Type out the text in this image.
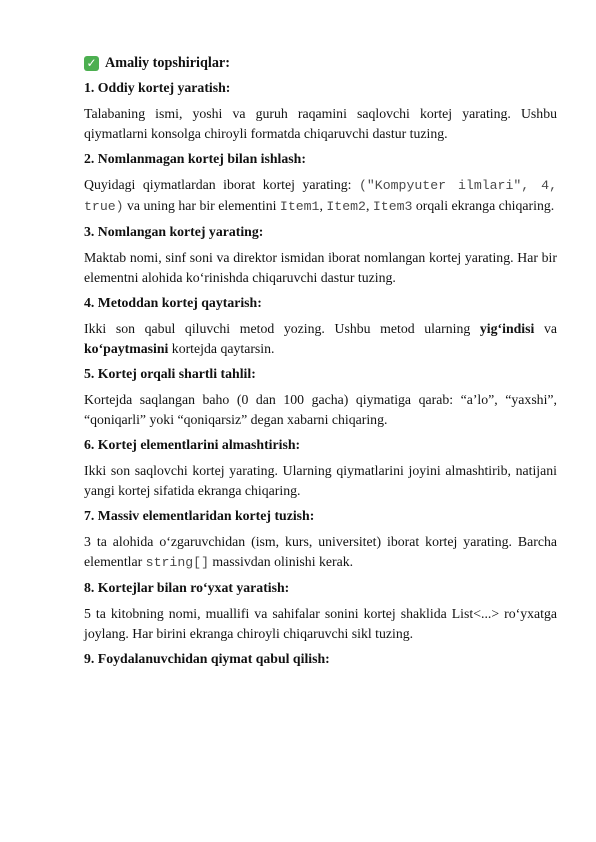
✓ Amaliy topshiriqlar:

1. Oddiy kortej yaratish:

Talabaning ismi, yoshi va guruh raqamini saqlovchi kortej yarating. Ushbu qiymatlarni konsolga chiroyli formatda chiqaruvchi dastur tuzing.

2. Nomlanmagan kortej bilan ishlash:

Quyidagi qiymatlardan iborat kortej yarating: ("Kompyuter ilmlari", 4, true) va uning har bir elementini Item1, Item2, Item3 orqali ekranga chiqaring.

3. Nomlangan kortej yarating:

Maktab nomi, sinf soni va direktor ismidan iborat nomlangan kortej yarating. Har bir elementni alohida ko‘rinishda chiqaruvchi dastur tuzing.

4. Metoddan kortej qaytarish:

Ikki son qabul qiluvchi metod yozing. Ushbu metod ularning yig‘indisi va ko‘paytmasini kortejda qaytarsin.

5. Kortej orqali shartli tahlil:

Kortejda saqlangan baho (0 dan 100 gacha) qiymatiga qarab: “a’lo”, “yaxshi”, “qoniqarli” yoki “qoniqarsiz” degan xabarni chiqaring.

6. Kortej elementlarini almashtirish:

Ikki son saqlovchi kortej yarating. Ularning qiymatlarini joyini almashtirib, natijani yangi kortej sifatida ekranga chiqaring.

7. Massiv elementlaridan kortej tuzish:

3 ta alohida o‘zgaruvchidan (ism, kurs, universitet) iborat kortej yarating. Barcha elementlar string[] massivdan olinishi kerak.

8. Kortejlar bilan ro‘yxat yaratish:

5 ta kitobning nomi, muallifi va sahifalar sonini kortej shaklida List<...> ro‘yxatga joylang. Har birini ekranga chiroyli chiqaruvchi sikl tuzing.

9. Foydalanuvchidan qiymat qabul qilish:
